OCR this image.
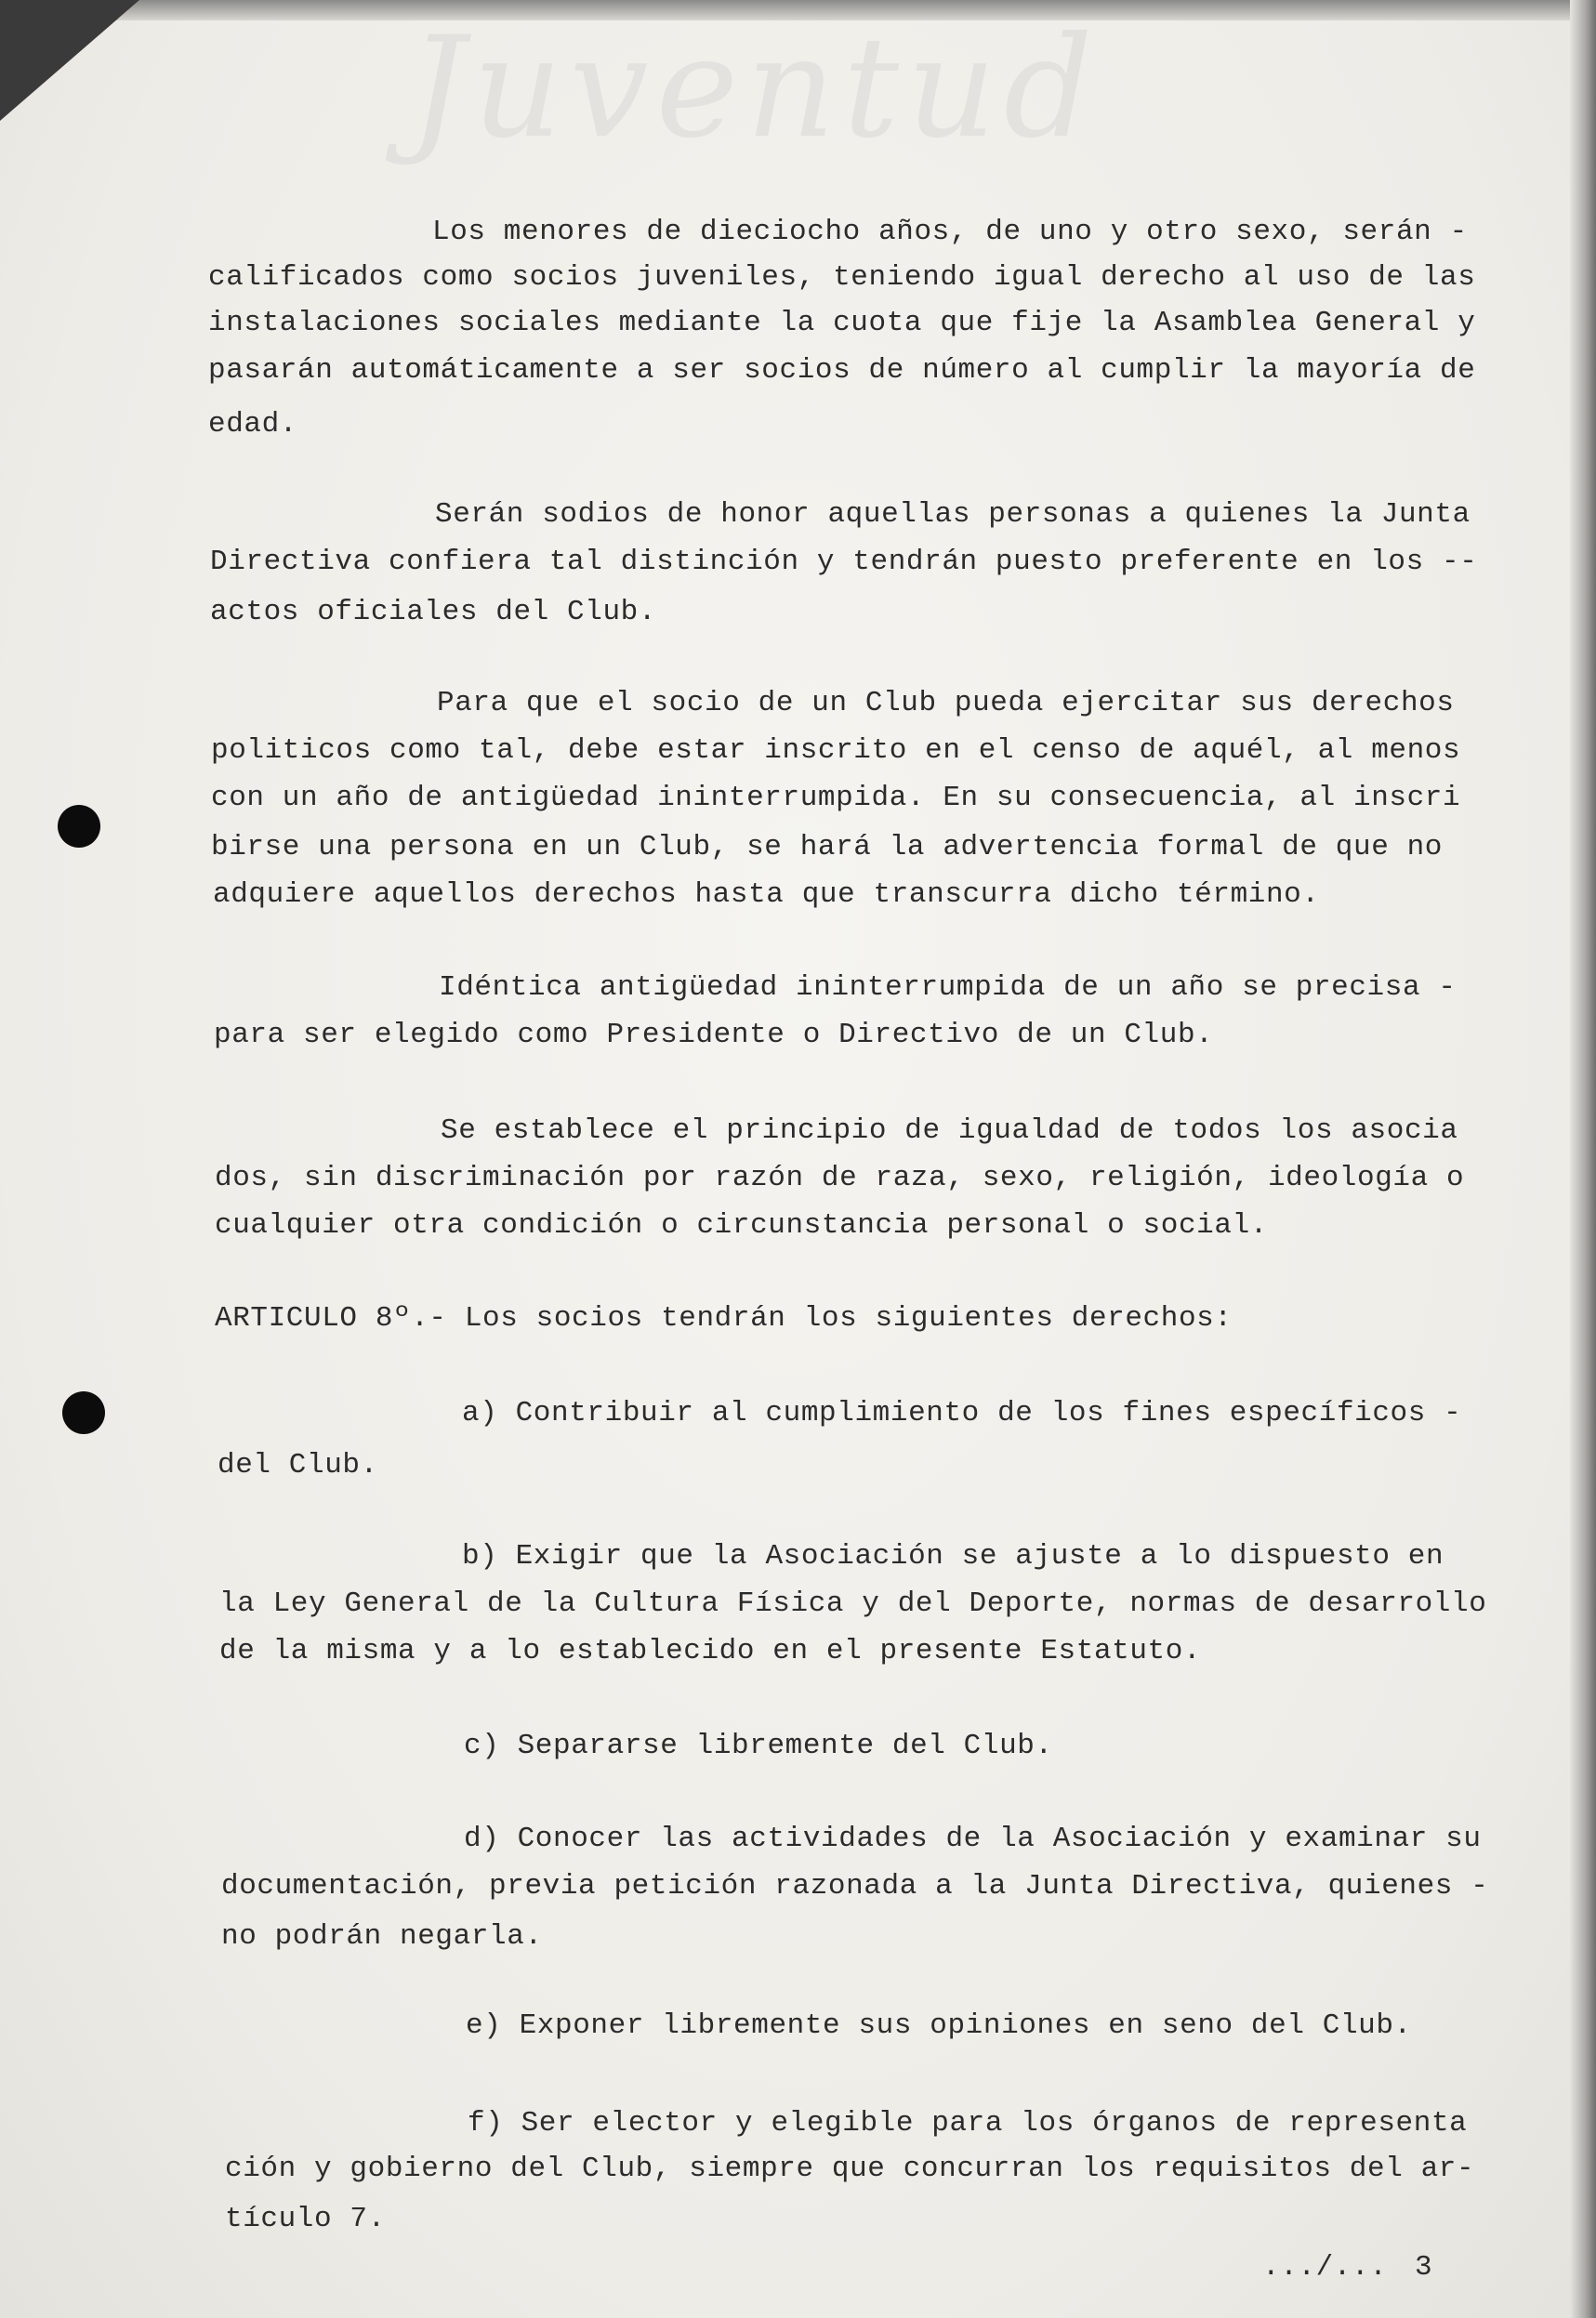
Juventud
Los menores de dieciocho años, de uno y otro sexo, serán -
calificados como socios juveniles, teniendo igual derecho al uso de las
instalaciones sociales mediante la cuota que fije la Asamblea General y
pasarán automáticamente a ser socios de número al cumplir la mayoría de
edad.
Serán sodios de honor aquellas personas a quienes la Junta
Directiva confiera tal distinción y tendrán puesto preferente en los --
actos oficiales del Club.
Para que el socio de un Club pueda ejercitar sus derechos
politicos como tal, debe estar inscrito en el censo de aquél, al menos
con un año de antigüedad ininterrumpida. En su consecuencia, al inscri
birse una persona en un Club, se hará la advertencia formal de que no
adquiere aquellos derechos hasta que transcurra dicho término.
Idéntica antigüedad ininterrumpida de un año se precisa -
para ser elegido como Presidente o Directivo de un Club.
Se establece el principio de igualdad de todos los asocia
dos, sin discriminación por razón de raza, sexo, religión, ideología o
cualquier otra condición o circunstancia personal o social.
ARTICULO 8º.- Los socios tendrán los siguientes derechos:
a) Contribuir al cumplimiento de los fines específicos -
del Club.
b) Exigir que la Asociación se ajuste a lo dispuesto en
la Ley General de la Cultura Física y del Deporte, normas de desarrollo
de la misma y a lo establecido en el presente Estatuto.
c) Separarse libremente del Club.
d) Conocer las actividades de la Asociación y examinar su
documentación, previa petición razonada a la Junta Directiva, quienes -
no podrán negarla.
e) Exponer libremente sus opiniones en seno del Club.
f) Ser elector y elegible para los órganos de representa
ción y gobierno del Club, siempre que concurran los requisitos del ar-
tículo 7.
.../... 3
